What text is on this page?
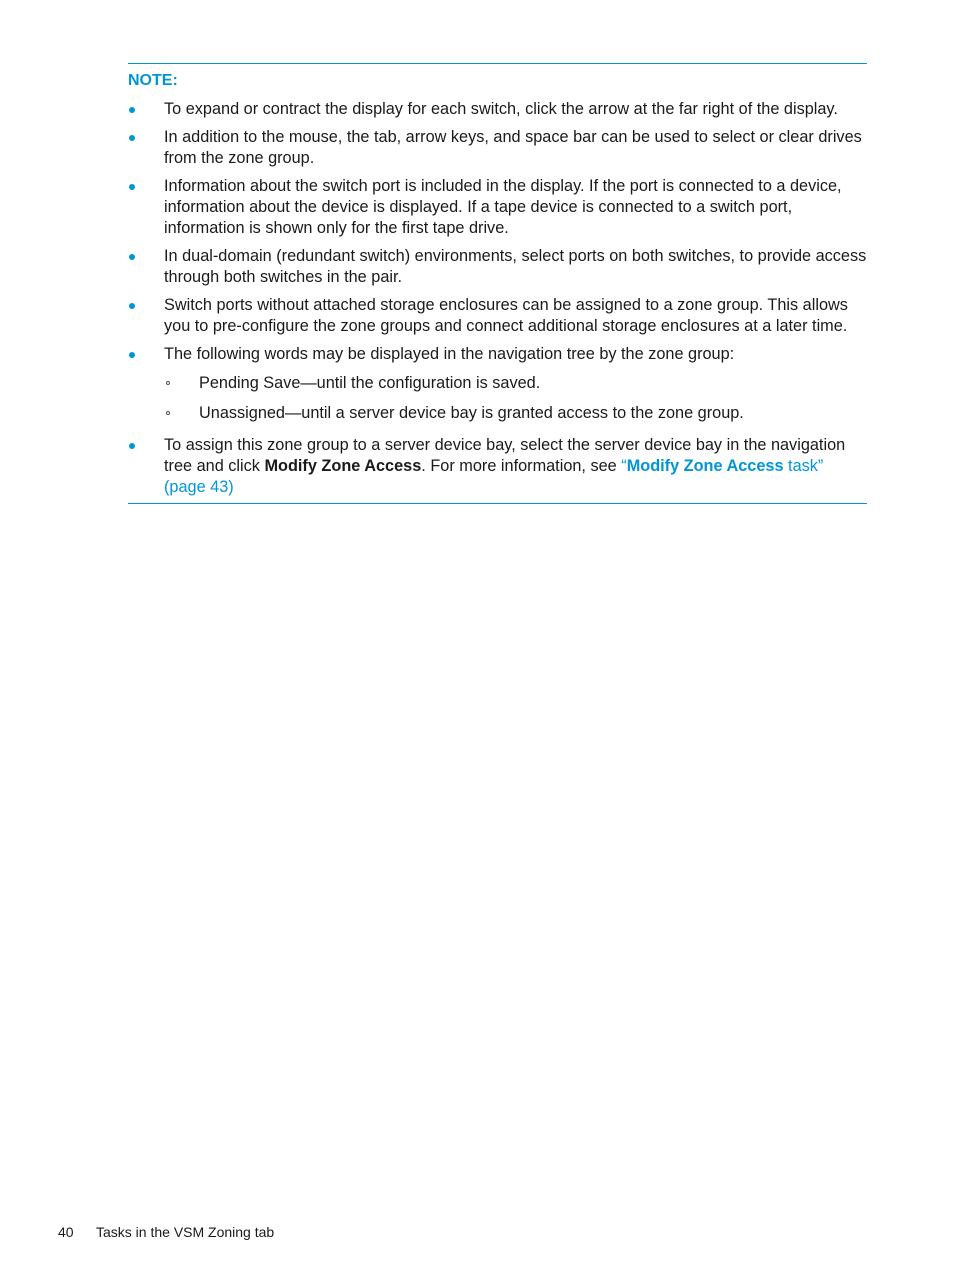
NOTE:
To expand or contract the display for each switch, click the arrow at the far right of the display.
In addition to the mouse, the tab, arrow keys, and space bar can be used to select or clear drives from the zone group.
Information about the switch port is included in the display. If the port is connected to a device, information about the device is displayed. If a tape device is connected to a switch port, information is shown only for the first tape drive.
In dual-domain (redundant switch) environments, select ports on both switches, to provide access through both switches in the pair.
Switch ports without attached storage enclosures can be assigned to a zone group. This allows you to pre-configure the zone groups and connect additional storage enclosures at a later time.
The following words may be displayed in the navigation tree by the zone group:
Pending Save—until the configuration is saved.
Unassigned—until a server device bay is granted access to the zone group.
To assign this zone group to a server device bay, select the server device bay in the navigation tree and click Modify Zone Access. For more information, see “Modify Zone Access task” (page 43)
40 Tasks in the VSM Zoning tab
